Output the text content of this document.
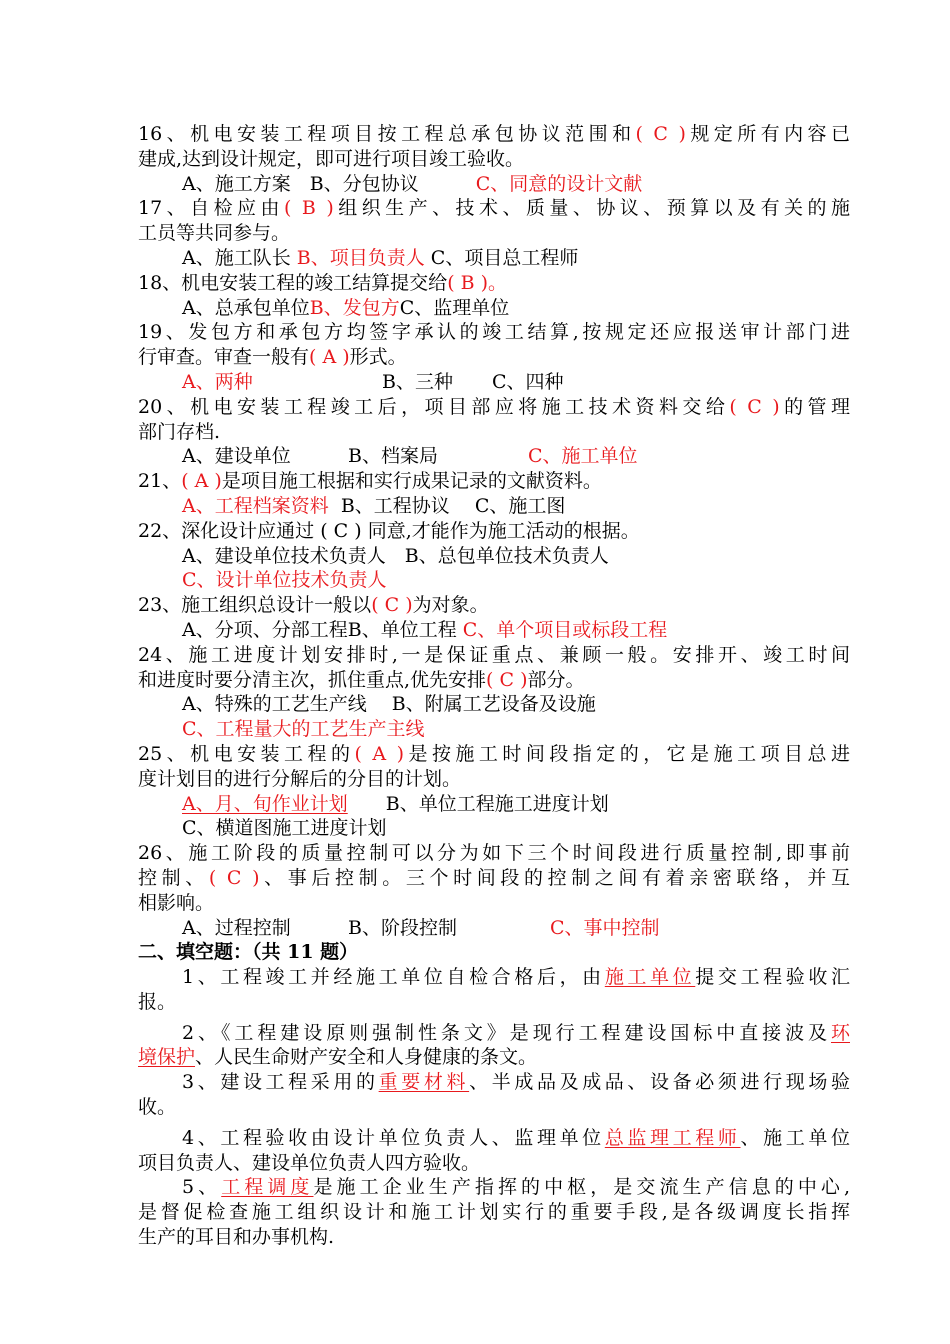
16、机电安装工程项目按工程总承包协议范围和( C )规定所有内容已
建成,达到设计规定，即可进行项目竣工验收。
A、施工方案  B、分包协议   	C、同意的设计文献
17、自检应由( B )组织生产、技术、质量、协议、预算以及有关的施
工员等共同参与。
A、施工队长 B、项目负责人 C、项目总工程师
18、机电安装工程的竣工结算提交给( B )。
A、总承包单位B、发包方C、监理单位
19、发包方和承包方均签字承认的竣工结算,按规定还应报送审计部门进
行审查。审查一般有( A )形式。
A、两种	B、三种 C、四种
20、机电安装工程竣工后，项目部应将施工技术资料交给( C )的管理
部门存档.
A、建设单位	B、档案局	C、施工单位
21、( A )是项目施工根据和实行成果记录的文献资料。
A、工程档案资料 B、工程协议  C、施工图
22、深化设计应通过 ( C ) 同意,才能作为施工活动的根据。
A、建设单位技术负责人  B、总包单位技术负责人
C、设计单位技术负责人
23、施工组织总设计一般以( C )为对象。
A、分项、分部工程B、单位工程 C、单个项目或标段工程
24、施工进度计划安排时,一是保证重点、兼顾一般。安排开、竣工时间
和进度时要分清主次，抓住重点,优先安排( C )部分。
A、特殊的工艺生产线  B、附属工艺设备及设施
C、工程量大的工艺生产主线
25、机电安装工程的( A )是按施工时间段指定的，它是施工项目总进
度计划目的进行分解后的分目的计划。
A、月、旬作业计划   B、单位工程施工进度计划
C、横道图施工进度计划
26、施工阶段的质量控制可以分为如下三个时间段进行质量控制,即事前
控制、( C )、事后控制。三个时间段的控制之间有着亲密联络，并互
相影响。
A、过程控制	B、阶段控制	C、事中控制
二、填空题：（共 11 题）
1、工程竣工并经施工单位自检合格后，由施工单位提交工程验收汇
报。
2、《工程建设原则强制性条文》是现行工程建设国标中直接波及环
境保护、人民生命财产安全和人身健康的条文。
3、建设工程采用的重要材料、半成品及成品、设备必须进行现场验
收。
4、工程验收由设计单位负责人、监理单位总监理工程师、施工单位
项目负责人、建设单位负责人四方验收。
5、工程调度是施工企业生产指挥的中枢，是交流生产信息的中心,
是督促检查施工组织设计和施工计划实行的重要手段,是各级调度长指挥
生产的耳目和办事机构.
